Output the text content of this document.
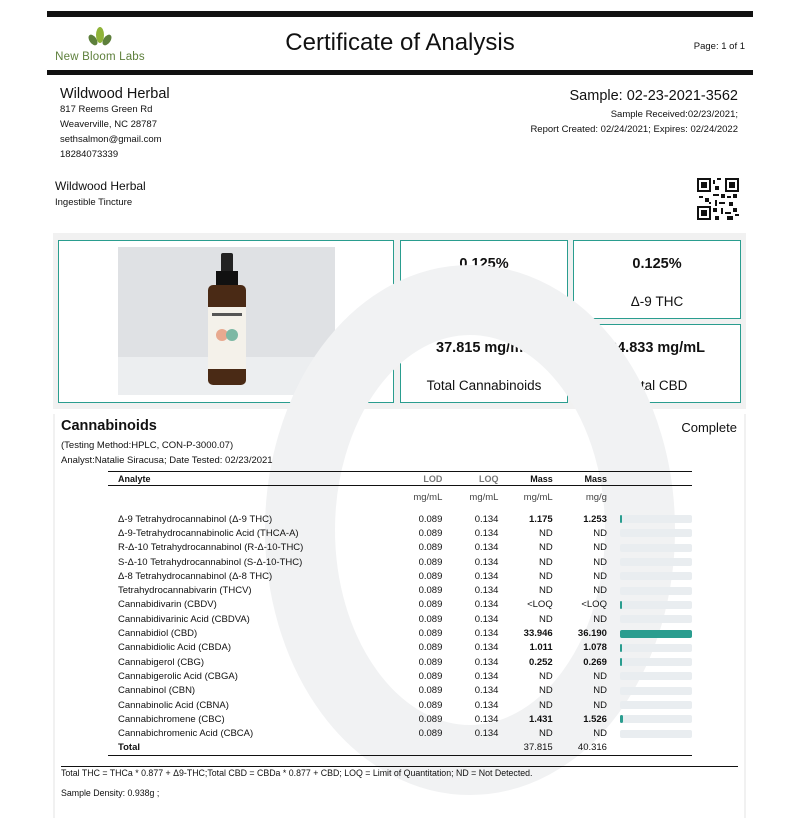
New Bloom Labs
Certificate of Analysis	Page: 1 of 1
Wildwood Herbal
817 Reems Green Rd
Weaverville, NC 28787
sethsalmon@gmail.com
18284073339
Sample: 02-23-2021-3562
Sample Received:02/23/2021;
Report Created: 02/24/2021; Expires: 02/24/2022
Wildwood Herbal
Ingestible Tincture
0.125%
Total THC
0.125%
Δ-9 THC
37.815 mg/mL
Total Cannabinoids
34.833 mg/mL
Total CBD
Cannabinoids	Complete
(Testing Method:HPLC, CON-P-3000.07)
Analyst:Natalie Siracusa; Date Tested: 02/23/2021
Analyte	LOD	LOQ	Mass	Mass	
	mg/mL	mg/mL	mg/mL	mg/g	

Δ-9 Tetrahydrocannabinol (Δ-9 THC)	0.089	0.134	1.175	1.253	

Δ-9-Tetrahydrocannabinolic Acid (THCA-A)	0.089	0.134	ND	ND	

R-Δ-10 Tetrahydrocannabinol (R-Δ-10-THC)	0.089	0.134	ND	ND	

S-Δ-10 Tetrahydrocannabinol (S-Δ-10-THC)	0.089	0.134	ND	ND	

Δ-8 Tetrahydrocannabinol (Δ-8 THC)	0.089	0.134	ND	ND	

Tetrahydrocannabivarin (THCV)	0.089	0.134	ND	ND	

Cannabidivarin (CBDV)	0.089	0.134	<LOQ	<LOQ	

Cannabidivarinic Acid (CBDVA)	0.089	0.134	ND	ND	

Cannabidiol (CBD)	0.089	0.134	33.946	36.190	

Cannabidiolic Acid (CBDA)	0.089	0.134	1.011	1.078	

Cannabigerol (CBG)	0.089	0.134	0.252	0.269	

Cannabigerolic Acid (CBGA)	0.089	0.134	ND	ND	

Cannabinol (CBN)	0.089	0.134	ND	ND	

Cannabinolic Acid (CBNA)	0.089	0.134	ND	ND	

Cannabichromene (CBC)	0.089	0.134	1.431	1.526	

Cannabichromenic Acid (CBCA)	0.089	0.134	ND	ND	

Total			37.815	40.316	
Total THC = THCa * 0.877 + Δ9-THC;Total CBD = CBDa * 0.877 + CBD; LOQ = Limit of Quantitation; ND = Not Detected.
Sample Density: 0.938g ;
